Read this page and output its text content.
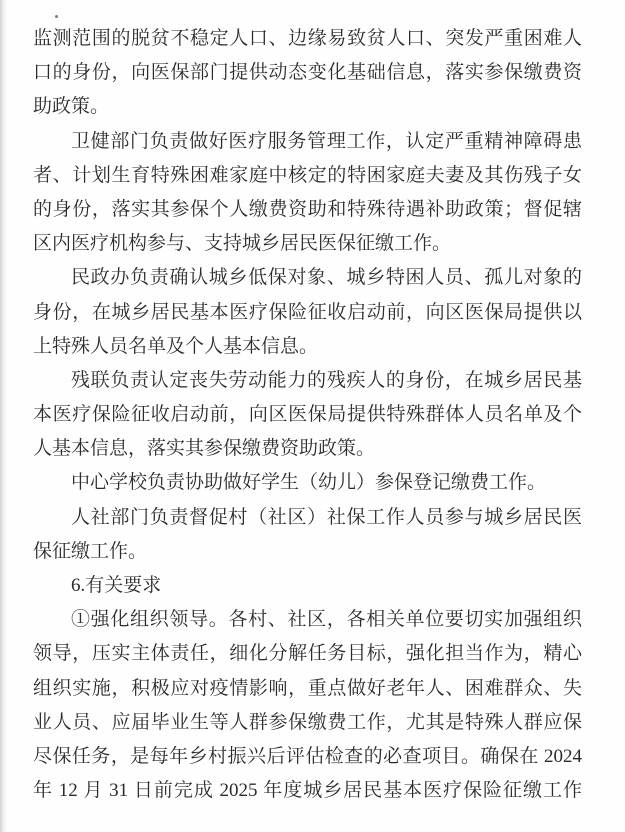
监测范围的脱贫不稳定人口、边缘易致贫人口、突发严重困难人
口的身份，向医保部门提供动态变化基础信息，落实参保缴费资
助政策。
卫健部门负责做好医疗服务管理工作，认定严重精神障碍患
者、计划生育特殊困难家庭中核定的特困家庭夫妻及其伤残子女
的身份，落实其参保个人缴费资助和特殊待遇补助政策；督促辖
区内医疗机构参与、支持城乡居民医保征缴工作。
民政办负责确认城乡低保对象、城乡特困人员、孤儿对象的
身份，在城乡居民基本医疗保险征收启动前，向区医保局提供以
上特殊人员名单及个人基本信息。
残联负责认定丧失劳动能力的残疾人的身份，在城乡居民基
本医疗保险征收启动前，向区医保局提供特殊群体人员名单及个
人基本信息，落实其参保缴费资助政策。
中心学校负责协助做好学生（幼儿）参保登记缴费工作。
人社部门负责督促村（社区）社保工作人员参与城乡居民医
保征缴工作。
6.有关要求
①强化组织领导。各村、社区，各相关单位要切实加强组织
领导，压实主体责任，细化分解任务目标，强化担当作为，精心
组织实施，积极应对疫情影响，重点做好老年人、困难群众、失
业人员、应届毕业生等人群参保缴费工作，尤其是特殊人群应保
尽保任务，是每年乡村振兴后评估检查的必查项目。确保在 2024
年 12 月 31 日前完成 2025 年度城乡居民基本医疗保险征缴工作
